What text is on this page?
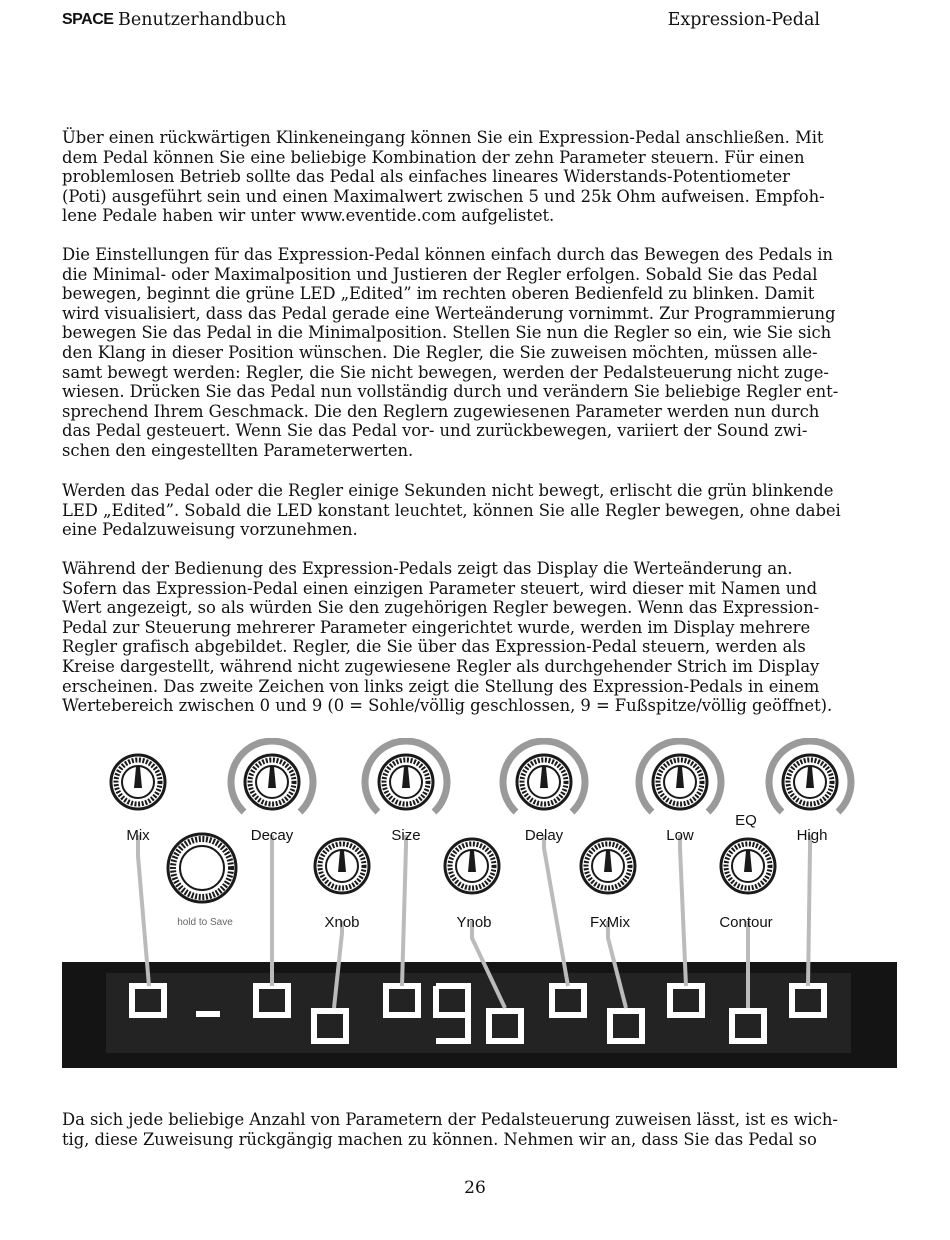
SPACE Benutzerhandbuch	Expression-Pedal

Über einen rückwärtigen Klinkeneingang können Sie ein Expression-Pedal anschließen. Mit
dem Pedal können Sie eine beliebige Kombination der zehn Parameter steuern. Für einen
problemlosen Betrieb sollte das Pedal als einfaches lineares Widerstands-Potentiometer
(Poti) ausgeführt sein und einen Maximalwert zwischen 5 und 25k Ohm aufweisen. Empfoh-
lene Pedale haben wir unter www.eventide.com aufgelistet.

Die Einstellungen für das Expression-Pedal können einfach durch das Bewegen des Pedals in
die Minimal- oder Maximalposition und Justieren der Regler erfolgen. Sobald Sie das Pedal
bewegen, beginnt die grüne LED „Edited” im rechten oberen Bedienfeld zu blinken. Damit
wird visualisiert, dass das Pedal gerade eine Werteänderung vornimmt. Zur Programmierung
bewegen Sie das Pedal in die Minimalposition. Stellen Sie nun die Regler so ein, wie Sie sich
den Klang in dieser Position wünschen. Die Regler, die Sie zuweisen möchten, müssen alle-
samt bewegt werden: Regler, die Sie nicht bewegen, werden der Pedalsteuerung nicht zuge-
wiesen. Drücken Sie das Pedal nun vollständig durch und verändern Sie beliebige Regler ent-
sprechend Ihrem Geschmack. Die den Reglern zugewiesenen Parameter werden nun durch
das Pedal gesteuert. Wenn Sie das Pedal vor- und zurückbewegen, variiert der Sound zwi-
schen den eingestellten Parameterwerten.

Werden das Pedal oder die Regler einige Sekunden nicht bewegt, erlischt die grün blinkende
LED „Edited”. Sobald die LED konstant leuchtet, können Sie alle Regler bewegen, ohne dabei
eine Pedalzuweisung vorzunehmen.

Während der Bedienung des Expression-Pedals zeigt das Display die Werteänderung an.
Sofern das Expression-Pedal einen einzigen Parameter steuert, wird dieser mit Namen und
Wert angezeigt, so als würden Sie den zugehörigen Regler bewegen. Wenn das Expression-
Pedal zur Steuerung mehrerer Parameter eingerichtet wurde, werden im Display mehrere
Regler grafisch abgebildet. Regler, die Sie über das Expression-Pedal steuern, werden als
Kreise dargestellt, während nicht zugewiesene Regler als durchgehender Strich im Display
erscheinen. Das zweite Zeichen von links zeigt die Stellung des Expression-Pedals in einem
Wertebereich zwischen 0 und 9 (0 = Sohle/völlig geschlossen, 9 = Fußspitze/völlig geöffnet).

Mix	Decay	Size	Delay	Low
EQ
High
hold to Save	Xnob	Ynob	FxMix	Contour

Da sich jede beliebige Anzahl von Parametern der Pedalsteuerung zuweisen lässt, ist es wich-
tig, diese Zuweisung rückgängig machen zu können. Nehmen wir an, dass Sie das Pedal so

26
